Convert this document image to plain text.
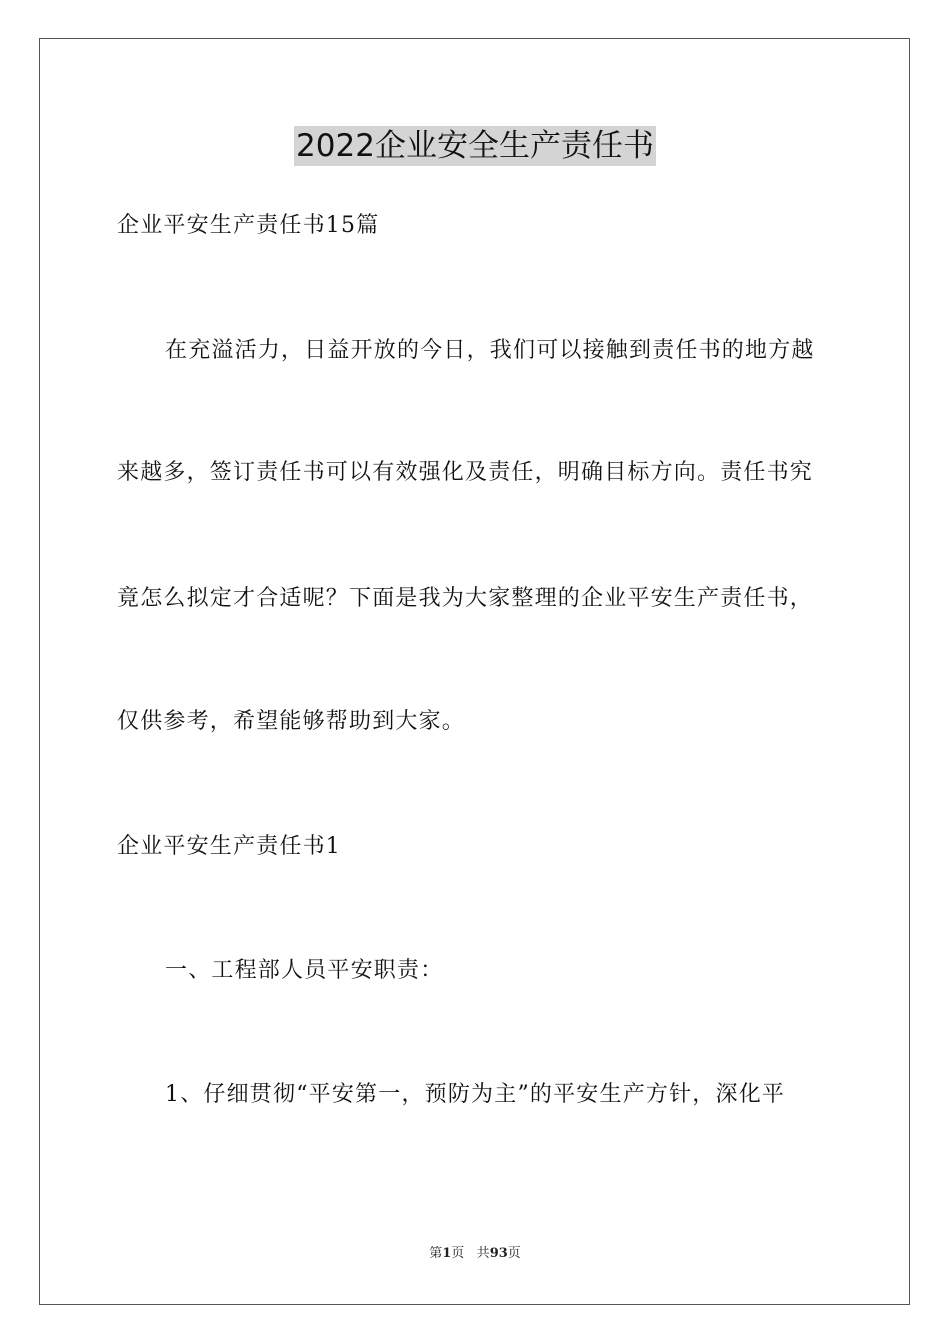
2022企业安全生产责任书
企业平安生产责任书15篇
在充溢活力，日益开放的今日，我们可以接触到责任书的地方越
来越多，签订责任书可以有效强化及责任，明确目标方向。责任书究
竟怎么拟定才合适呢？下面是我为大家整理的企业平安生产责任书，
仅供参考，希望能够帮助到大家。
企业平安生产责任书1
一、工程部人员平安职责：
1、仔细贯彻“平安第一，预防为主”的平安生产方针，深化平
第1页 共93页
